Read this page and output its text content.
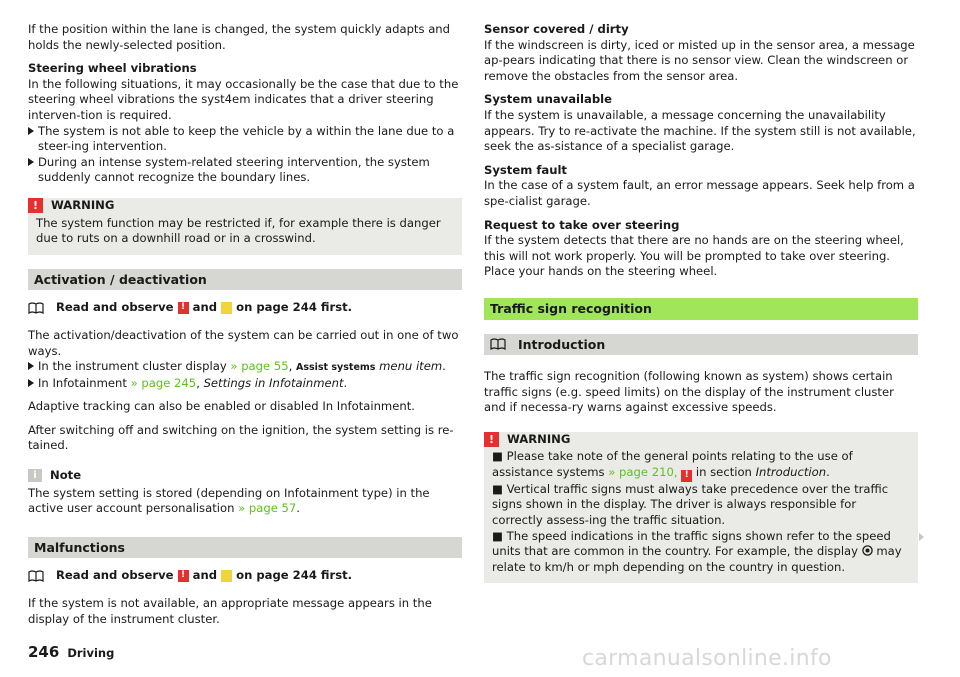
If the position within the lane is changed, the system quickly adapts and holds the newly-selected position.

Steering wheel vibrations

In the following situations, it may occasionally be the case that due to the steering wheel vibrations the syst4em indicates that a driver steering interven-tion is required.

The system is not able to keep the vehicle by a within the lane due to a steer-ing intervention.

During an intense system-related steering intervention, the system suddenly cannot recognize the boundary lines.

!	WARNING
The system function may be restricted if, for example there is danger due to ruts on a downhill road or in a crosswind.
Activation / deactivation
Read and observe
!
and

on page 244 first.

The activation/deactivation of the system can be carried out in one of two ways.

In the instrument cluster display » page 55, Assist systems menu item.

In Infotainment » page 245, Settings in Infotainment.

Adaptive tracking can also be enabled or disabled In Infotainment.

After switching off and switching on the ignition, the system setting is re-tained.

i	Note
The system setting is stored (depending on Infotainment type) in the active user account personalisation » page 57.
Malfunctions
Read and observe
!
and

on page 244 first.

If the system is not available, an appropriate message appears in the display of the instrument cluster.

Sensor covered / dirty

If the windscreen is dirty, iced or misted up in the sensor area, a message ap-pears indicating that there is no sensor view. Clean the windscreen or remove the obstacles from the sensor area.

System unavailable

If the system is unavailable, a message concerning the unavailability appears. Try to re-activate the machine. If the system still is not available, seek the as-sistance of a specialist garage.

System fault

In the case of a system fault, an error message appears. Seek help from a spe-cialist garage.

Request to take over steering

If the system detects that there are no hands are on the steering wheel, this will not work properly. You will be prompted to take over steering. Place your hands on the steering wheel.

Traffic sign recognition
Introduction

The traffic sign recognition (following known as system) shows certain traffic signs (e.g. speed limits) on the display of the instrument cluster and if necessa-ry warns against excessive speeds.

!	WARNING
■ Please take note of the general points relating to the use of assistance systems » page 210, ! in section Introduction.
■ Vertical traffic signs must always take precedence over the traffic signs shown in the display. The driver is always responsible for correctly assess-ing the traffic situation.
■ The speed indications in the traffic signs shown refer to the speed units that are common in the country. For example, the display may relate to km/h or mph depending on the country in question.
246 Driving	carmanualsonline.info
